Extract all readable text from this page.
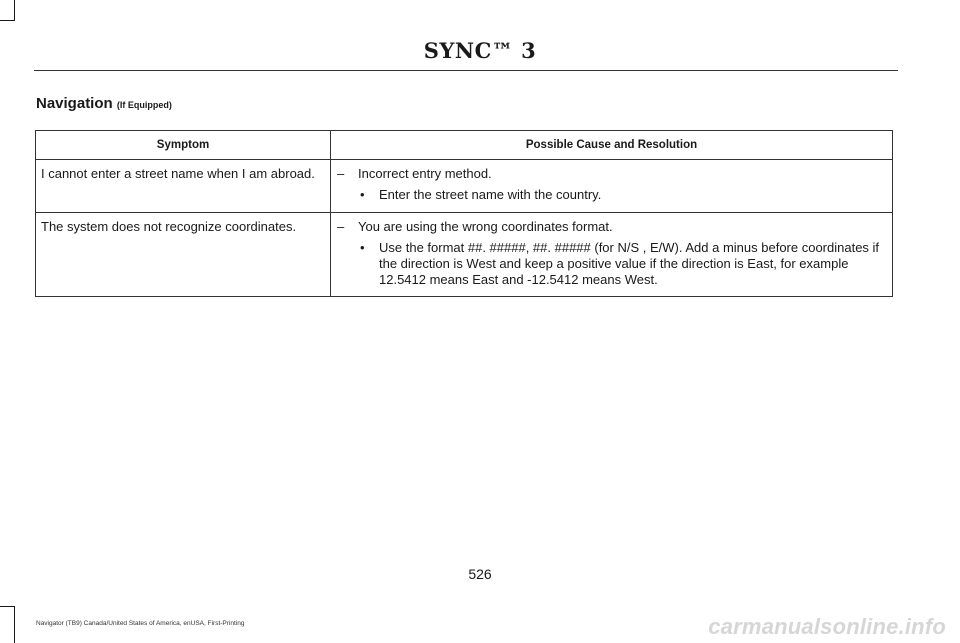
SYNC™ 3
Navigation (If Equipped)
Symptom	Possible Cause and Resolution
I cannot enter a street name when I am abroad.	– Incorrect entry method.
• Enter the street name with the country.

The system does not recognize coordinates.	– You are using the wrong coordinates format.
• Use the format ##. #####, ##. ##### (for N/S , E/W). Add a minus before coordinates if the direction is West and keep a positive value if the direction is East, for example 12.5412 means East and -12.5412 means West.
526
Navigator (TB9) Canada/United States of America, enUSA, First-Printing	carmanualsonline.info
